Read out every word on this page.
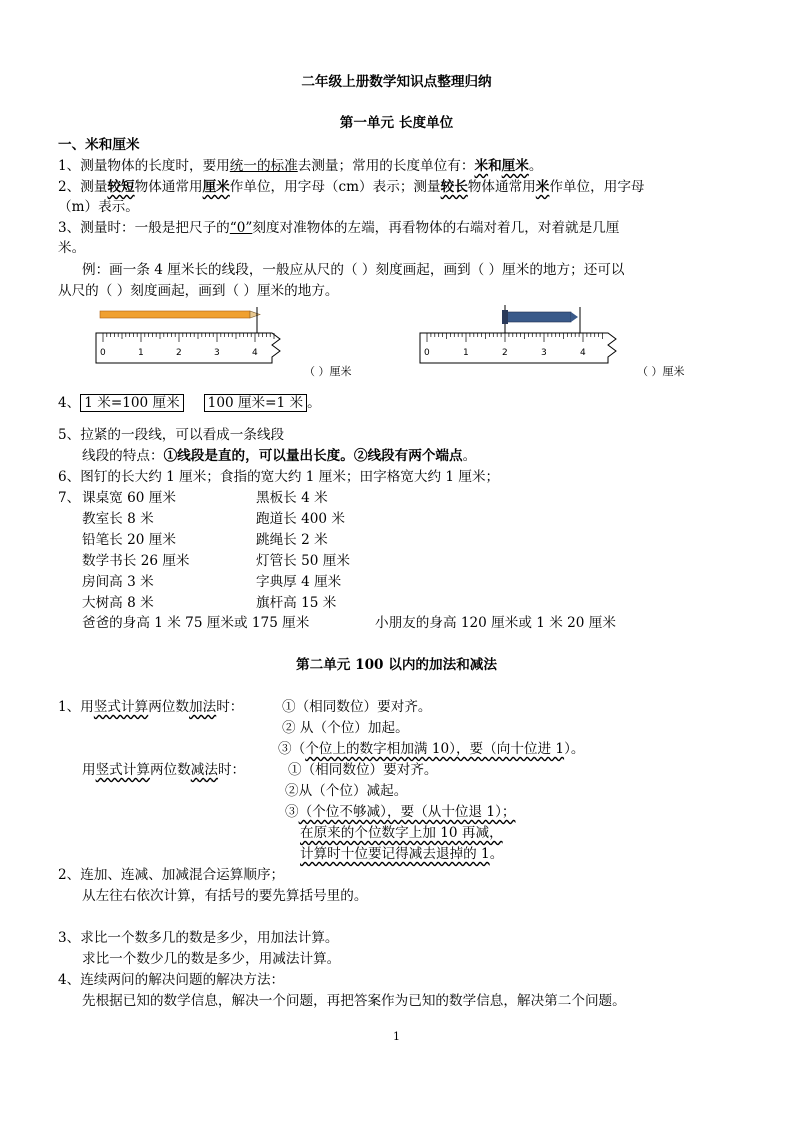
二年级上册数学知识点整理归纳
第一单元 长度单位
一、米和厘米
1、测量物体的长度时，要用统一的标准去测量；常用的长度单位有：米和厘米。
2、测量较短物体通常用厘米作单位，用字母（cm）表示；测量较长物体通常用米作单位，用字母
（m）表示。
3、测量时：一般是把尺子的“0”刻度对准物体的左端，再看物体的右端对着几，对着就是几厘
米。
例：画一条 4 厘米长的线段，一般应从尺的（ ）刻度画起，画到（ ）厘米的地方；还可以
从尺的（ ）刻度画起，画到（ ）厘米的地方。
0	1	2	3	4
（ ）厘米
0	1	2	3	4
（ ）厘米
4、 1 米=100 厘米 100 厘米=1 米 。
5、拉紧的一段线，可以看成一条线段
线段的特点：①线段是直的，可以量出长度。②线段有两个端点。
6、图钉的长大约 1 厘米；食指的宽大约 1 厘米；田字格宽大约 1 厘米；
7、 课桌宽 60 厘米	黑板长 4 米
教室长 8 米	跑道长 400 米
铅笔长 20 厘米	跳绳长 2 米
数学书长 26 厘米	灯管长 50 厘米
房间高 3 米	字典厚 4 厘米
大树高 8 米	旗杆高 15 米
爸爸的身高 1 米 75 厘米或 175 厘米	小朋友的身高 120 厘米或 1 米 20 厘米
第二单元 100 以内的加法和减法
1、用竖式计算两位数加法时：	①（相同数位）要对齐。
② 从（个位）加起。
③（个位上的数字相加满 10），要（向十位进 1）。
用竖式计算两位数减法时：	①（相同数位）要对齐。
②从（个位）减起。
③（个位不够减），要（从十位退 1）；
在原来的个位数字上加 10 再减，
计算时十位要记得减去退掉的 1。
2、连加、连减、加减混合运算顺序；
从左往右依次计算，有括号的要先算括号里的。
3、求比一个数多几的数是多少，用加法计算。
求比一个数少几的数是多少，用减法计算。
4、连续两问的解决问题的解决方法：
先根据已知的数学信息，解决一个问题，再把答案作为已知的数学信息，解决第二个问题。
1
